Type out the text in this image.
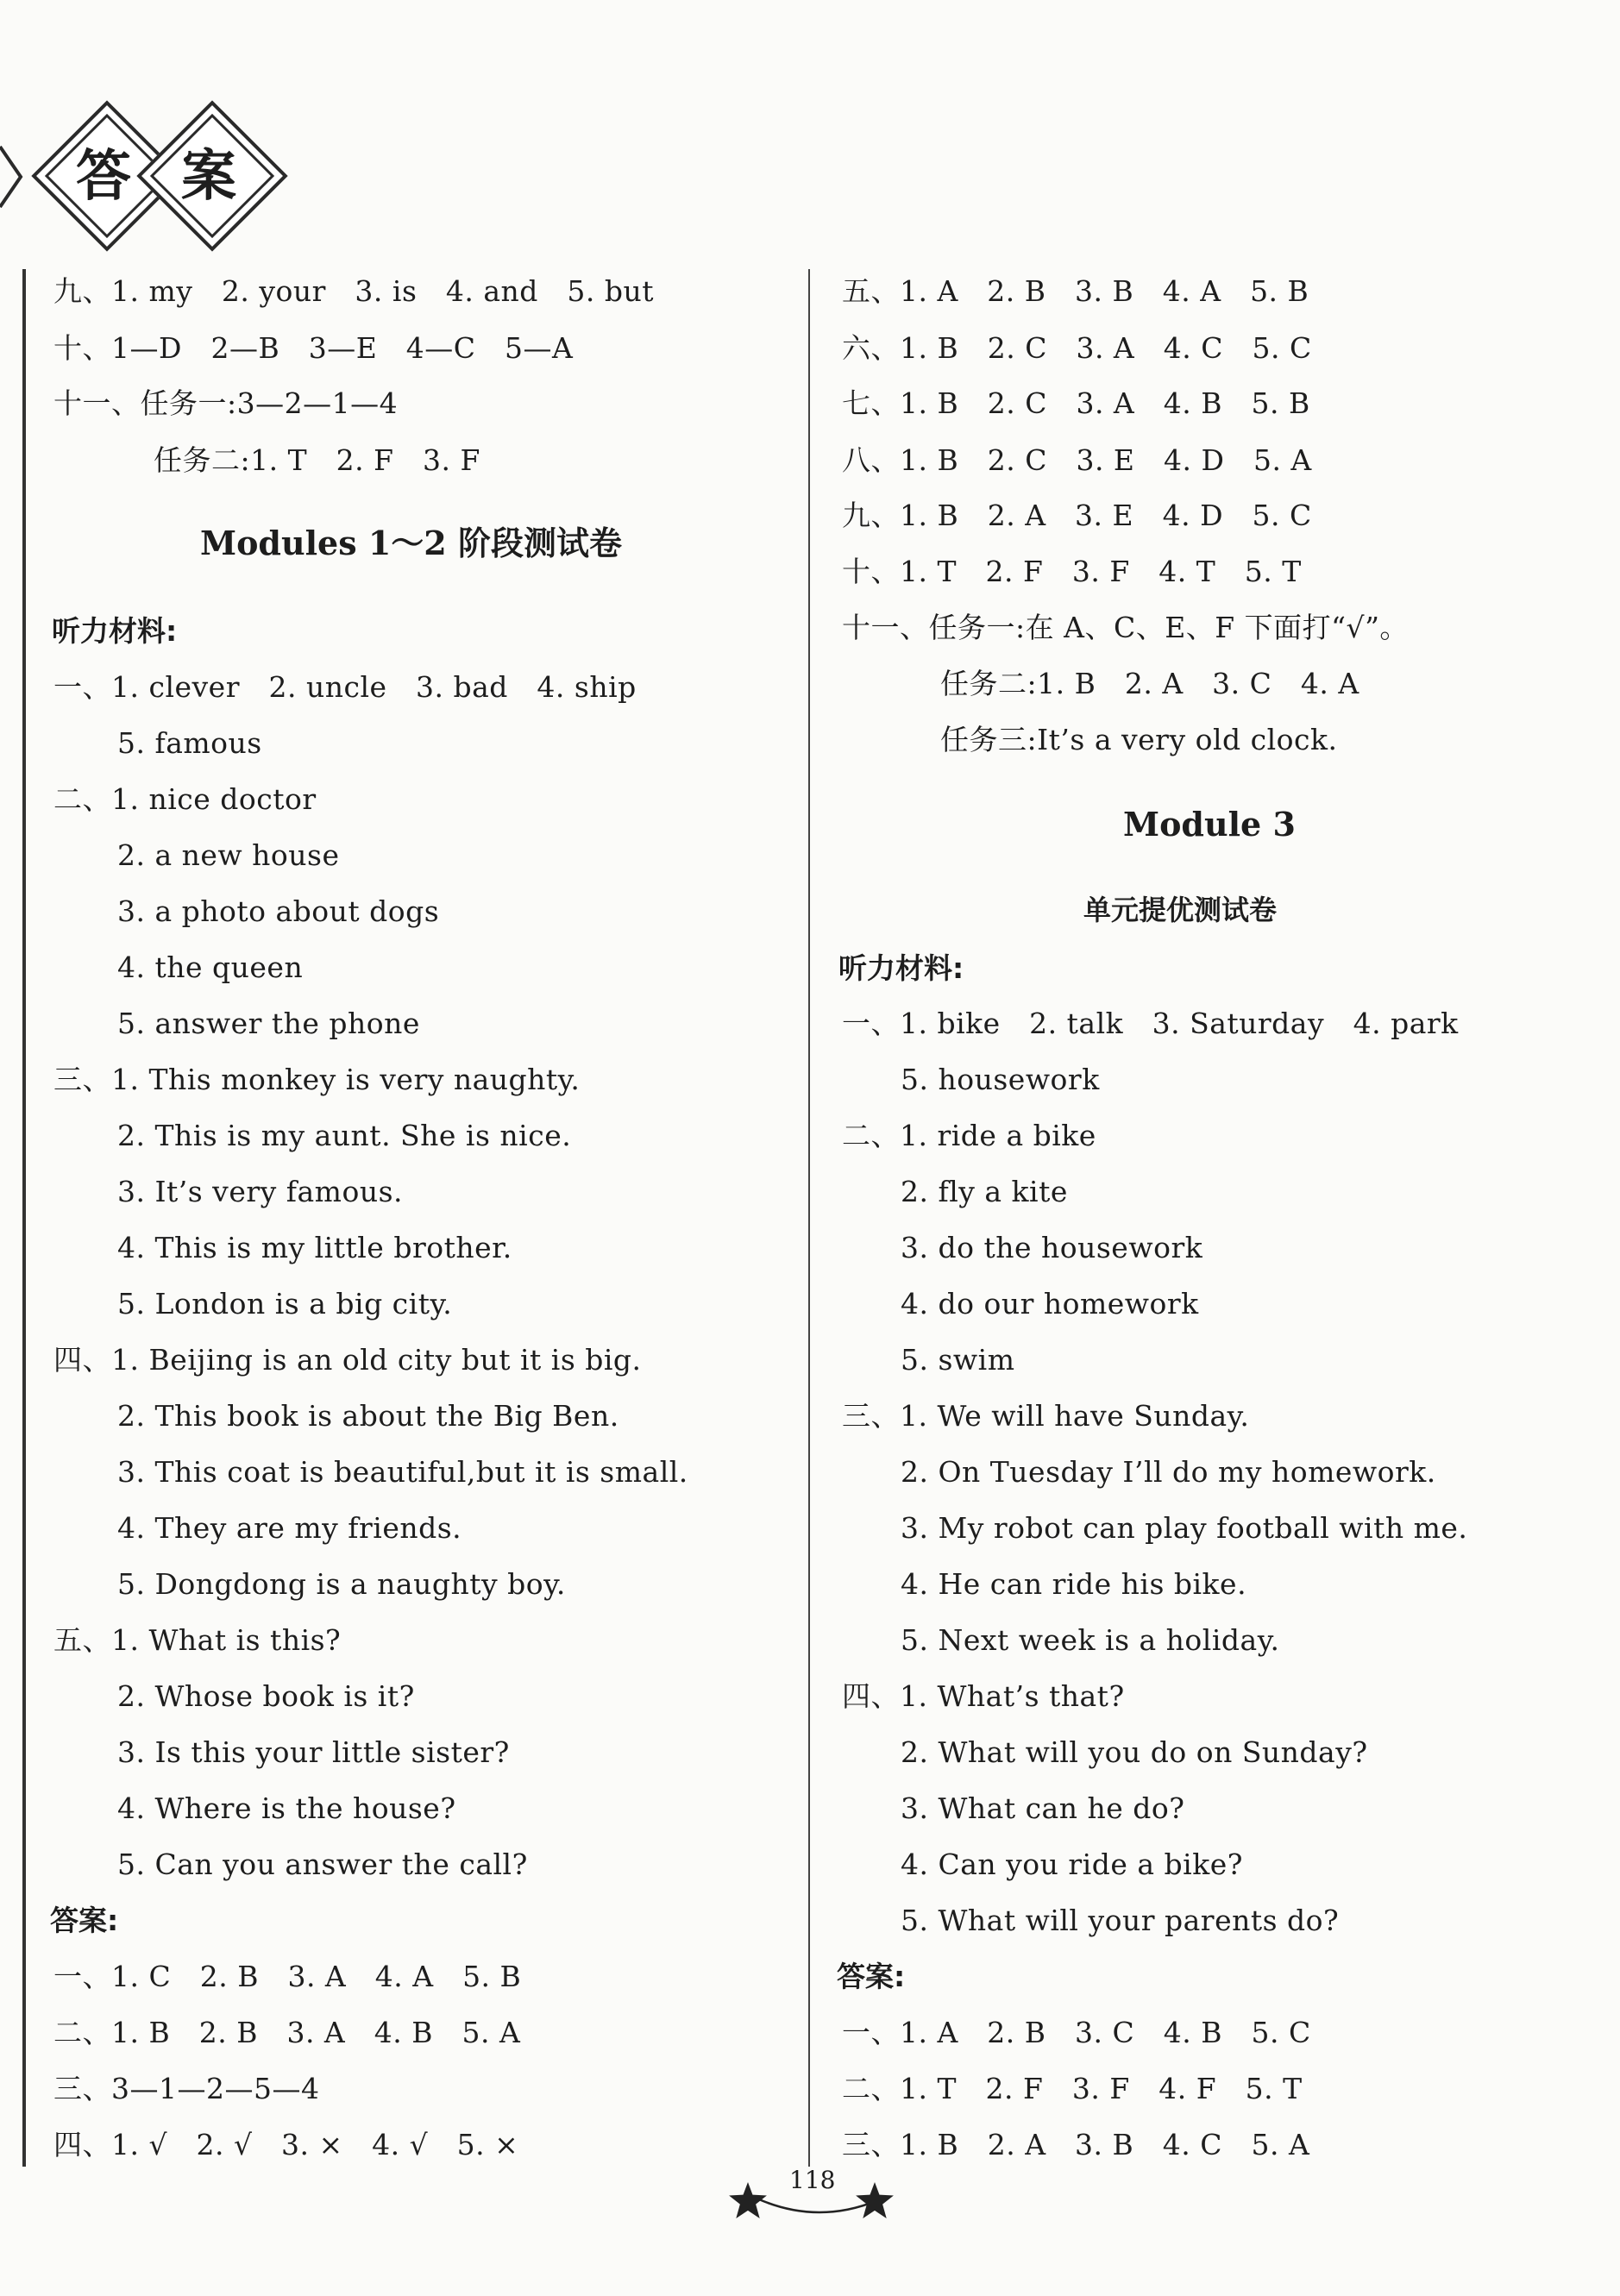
答 案
九、1. my　2. your　3. is　4. and　5. but
十、1—D　2—B　3—E　4—C　5—A
十一、任务一:3—2—1—4
任务二:1. T　2. F　3. F
Modules 1～2 阶段测试卷
听力材料:
一、1. clever　2. uncle　3. bad　4. ship
5. famous
二、1. nice doctor
2. a new house
3. a photo about dogs
4. the queen
5. answer the phone
三、1. This monkey is very naughty.
2. This is my aunt. She is nice.
3. It’s very famous.
4. This is my little brother.
5. London is a big city.
四、1. Beijing is an old city but it is big.
2. This book is about the Big Ben.
3. This coat is beautiful,but it is small.
4. They are my friends.
5. Dongdong is a naughty boy.
五、1. What is this?
2. Whose book is it?
3. Is this your little sister?
4. Where is the house?
5. Can you answer the call?
答案:
一、1. C　2. B　3. A　4. A　5. B
二、1. B　2. B　3. A　4. B　5. A
三、3—1—2—5—4
四、1. √　2. √　3. ×　4. √　5. ×
五、1. A　2. B　3. B　4. A　5. B
六、1. B　2. C　3. A　4. C　5. C
七、1. B　2. C　3. A　4. B　5. B
八、1. B　2. C　3. E　4. D　5. A
九、1. B　2. A　3. E　4. D　5. C
十、1. T　2. F　3. F　4. T　5. T
十一、任务一:在 A、C、E、F 下面打“√”。
任务二:1. B　2. A　3. C　4. A
任务三:It’s a very old clock.
Module 3
单元提优测试卷
听力材料:
一、1. bike　2. talk　3. Saturday　4. park
5. housework
二、1. ride a bike
2. fly a kite
3. do the housework
4. do our homework
5. swim
三、1. We will have Sunday.
2. On Tuesday I’ll do my homework.
3. My robot can play football with me.
4. He can ride his bike.
5. Next week is a holiday.
四、1. What’s that?
2. What will you do on Sunday?
3. What can he do?
4. Can you ride a bike?
5. What will your parents do?
答案:
一、1. A　2. B　3. C　4. B　5. C
二、1. T　2. F　3. F　4. F　5. T
三、1. B　2. A　3. B　4. C　5. A
118
